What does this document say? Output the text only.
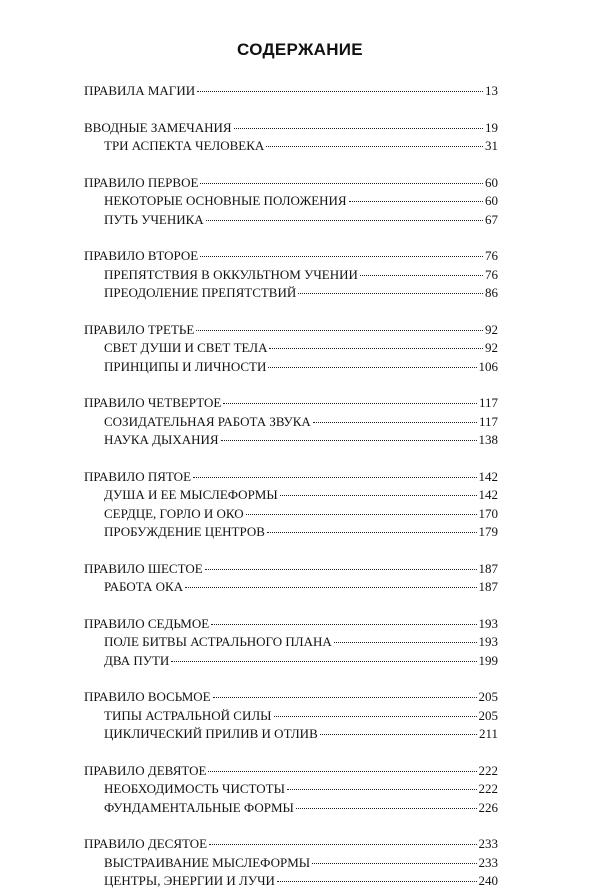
СОДЕРЖАНИЕ
ПРАВИЛА МАГИИ	13
ВВОДНЫЕ ЗАМЕЧАНИЯ	19
ТРИ АСПЕКТА ЧЕЛОВЕКА	31
ПРАВИЛО ПЕРВОЕ	60
НЕКОТОРЫЕ ОСНОВНЫЕ ПОЛОЖЕНИЯ	60
ПУТЬ УЧЕНИКА	67
ПРАВИЛО ВТОРОЕ	76
ПРЕПЯТСТВИЯ В ОККУЛЬТНОМ УЧЕНИИ	76
ПРЕОДОЛЕНИЕ ПРЕПЯТСТВИЙ	86
ПРАВИЛО ТРЕТЬЕ	92
СВЕТ ДУШИ И СВЕТ ТЕЛА	92
ПРИНЦИПЫ И ЛИЧНОСТИ	106
ПРАВИЛО ЧЕТВЕРТОЕ	117
СОЗИДАТЕЛЬНАЯ РАБОТА ЗВУКА	117
НАУКА ДЫХАНИЯ	138
ПРАВИЛО ПЯТОЕ	142
ДУША И ЕЕ МЫСЛЕФОРМЫ	142
СЕРДЦЕ, ГОРЛО И ОКО	170
ПРОБУЖДЕНИЕ ЦЕНТРОВ	179
ПРАВИЛО ШЕСТОЕ	187
РАБОТА ОКА	187
ПРАВИЛО СЕДЬМОЕ	193
ПОЛЕ БИТВЫ АСТРАЛЬНОГО ПЛАНА	193
ДВА ПУТИ	199
ПРАВИЛО ВОСЬМОЕ	205
ТИПЫ АСТРАЛЬНОЙ СИЛЫ	205
ЦИКЛИЧЕСКИЙ ПРИЛИВ И ОТЛИВ	211
ПРАВИЛО ДЕВЯТОЕ	222
НЕОБХОДИМОСТЬ ЧИСТОТЫ	222
ФУНДАМЕНТАЛЬНЫЕ ФОРМЫ	226
ПРАВИЛО ДЕСЯТОЕ	233
ВЫСТРАИВАНИЕ МЫСЛЕФОРМЫ	233
ЦЕНТРЫ, ЭНЕРГИИ И ЛУЧИ	240
